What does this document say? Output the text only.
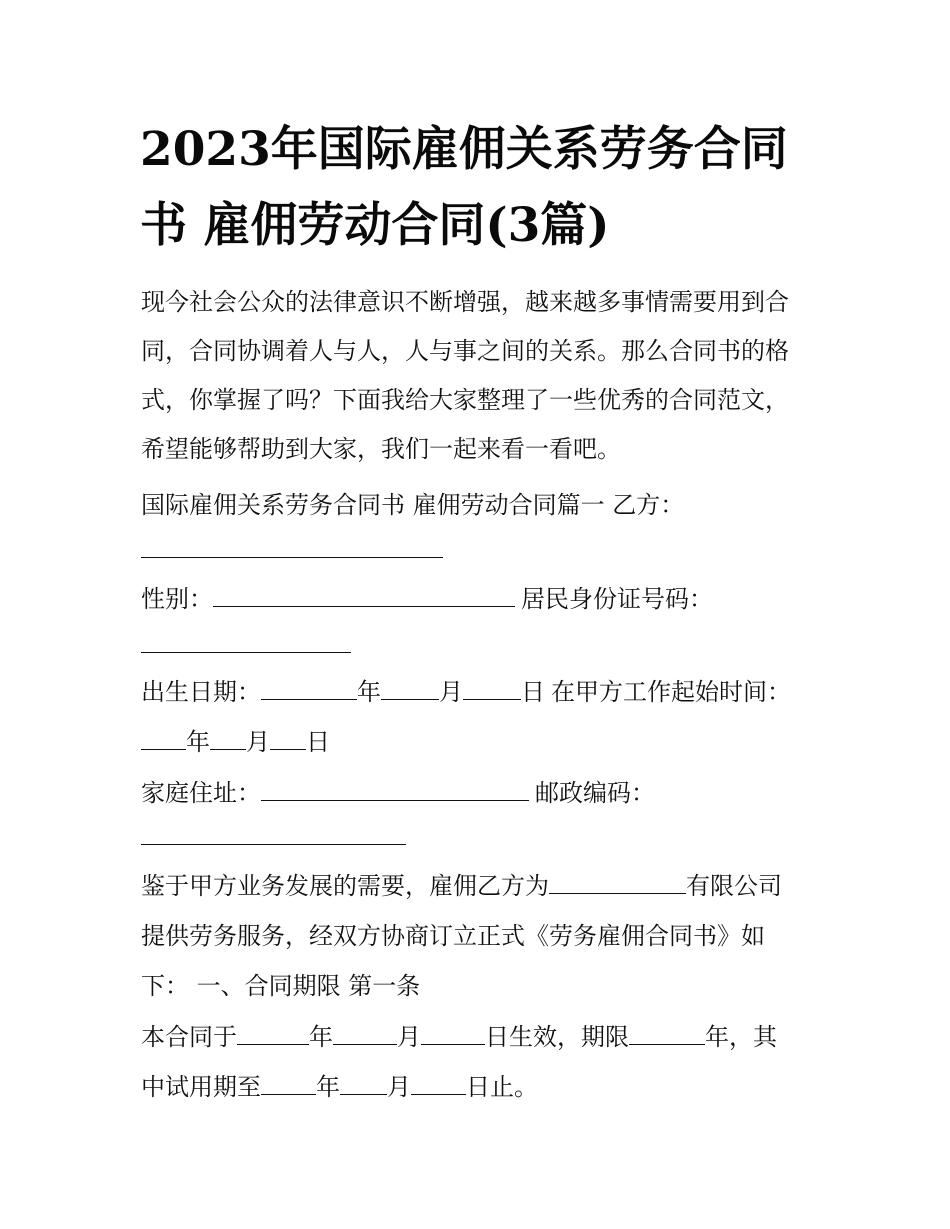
2023年国际雇佣关系劳务合同
书 雇佣劳动合同(3篇)
现今社会公众的法律意识不断增强，越来越多事情需要用到合
同，合同协调着人与人，人与事之间的关系。那么合同书的格
式，你掌握了吗？下面我给大家整理了一些优秀的合同范文，
希望能够帮助到大家，我们一起来看一看吧。
国际雇佣关系劳务合同书 雇佣劳动合同篇一 乙方：
性别：	居民身份证号码：
出生日期：	年 月 日 在甲方工作起始时间：
年 月 日
家庭住址：	邮政编码：
鉴于甲方业务发展的需要，雇佣乙方为	有限公司
提供劳务服务，经双方协商订立正式《劳务雇佣合同书》如
下： 一、合同期限 第一条
本合同于	年	月	日生效，期限	年，其
中试用期至 年 月 日止。
